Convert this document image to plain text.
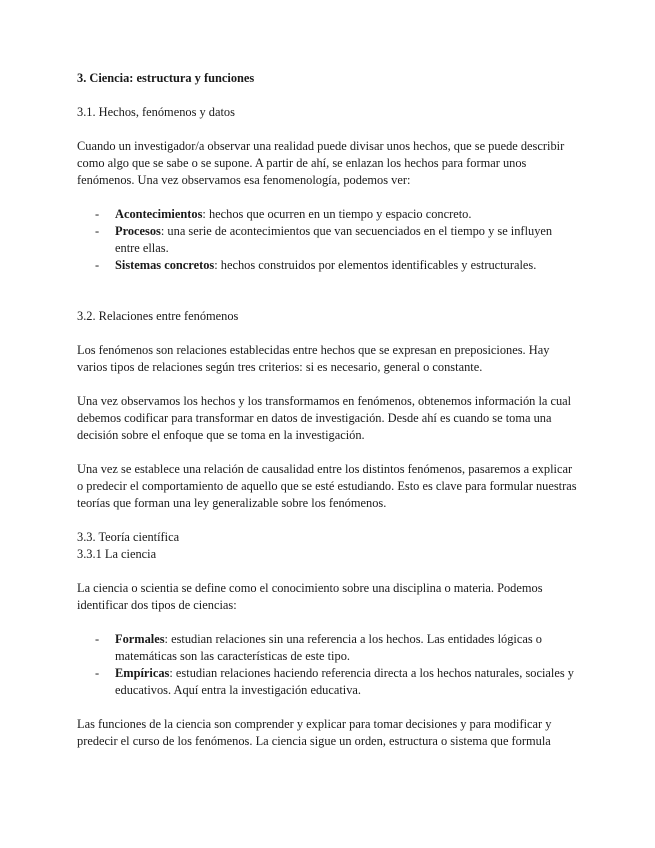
3. Ciencia: estructura y funciones

3.1. Hechos, fenómenos y datos

Cuando un investigador/a observar una realidad puede divisar unos hechos, que se puede describir como algo que se sabe o se supone. A partir de ahí, se enlazan los hechos para formar unos fenómenos. Una vez observamos esa fenomenología, podemos ver:

- Acontecimientos: hechos que ocurren en un tiempo y espacio concreto.
- Procesos: una serie de acontecimientos que van secuenciados en el tiempo y se influyen entre ellas.
- Sistemas concretos: hechos construidos por elementos identificables y estructurales.

3.2. Relaciones entre fenómenos

Los fenómenos son relaciones establecidas entre hechos que se expresan en preposiciones. Hay varios tipos de relaciones según tres criterios: si es necesario, general o constante.

Una vez observamos los hechos y los transformamos en fenómenos, obtenemos información la cual debemos codificar para transformar en datos de investigación. Desde ahí es cuando se toma una decisión sobre el enfoque que se toma en la investigación.

Una vez se establece una relación de causalidad entre los distintos fenómenos, pasaremos a explicar o predecir el comportamiento de aquello que se esté estudiando. Esto es clave para formular nuestras teorías que forman una ley generalizable sobre los fenómenos.

3.3. Teoría científica

3.3.1 La ciencia

La ciencia o scientia se define como el conocimiento sobre una disciplina o materia. Podemos identificar dos tipos de ciencias:

- Formales: estudian relaciones sin una referencia a los hechos. Las entidades lógicas o matemáticas son las características de este tipo.
- Empíricas: estudian relaciones haciendo referencia directa a los hechos naturales, sociales y educativos. Aquí entra la investigación educativa.

Las funciones de la ciencia son comprender y explicar para tomar decisiones y para modificar y predecir el curso de los fenómenos. La ciencia sigue un orden, estructura o sistema que formula
